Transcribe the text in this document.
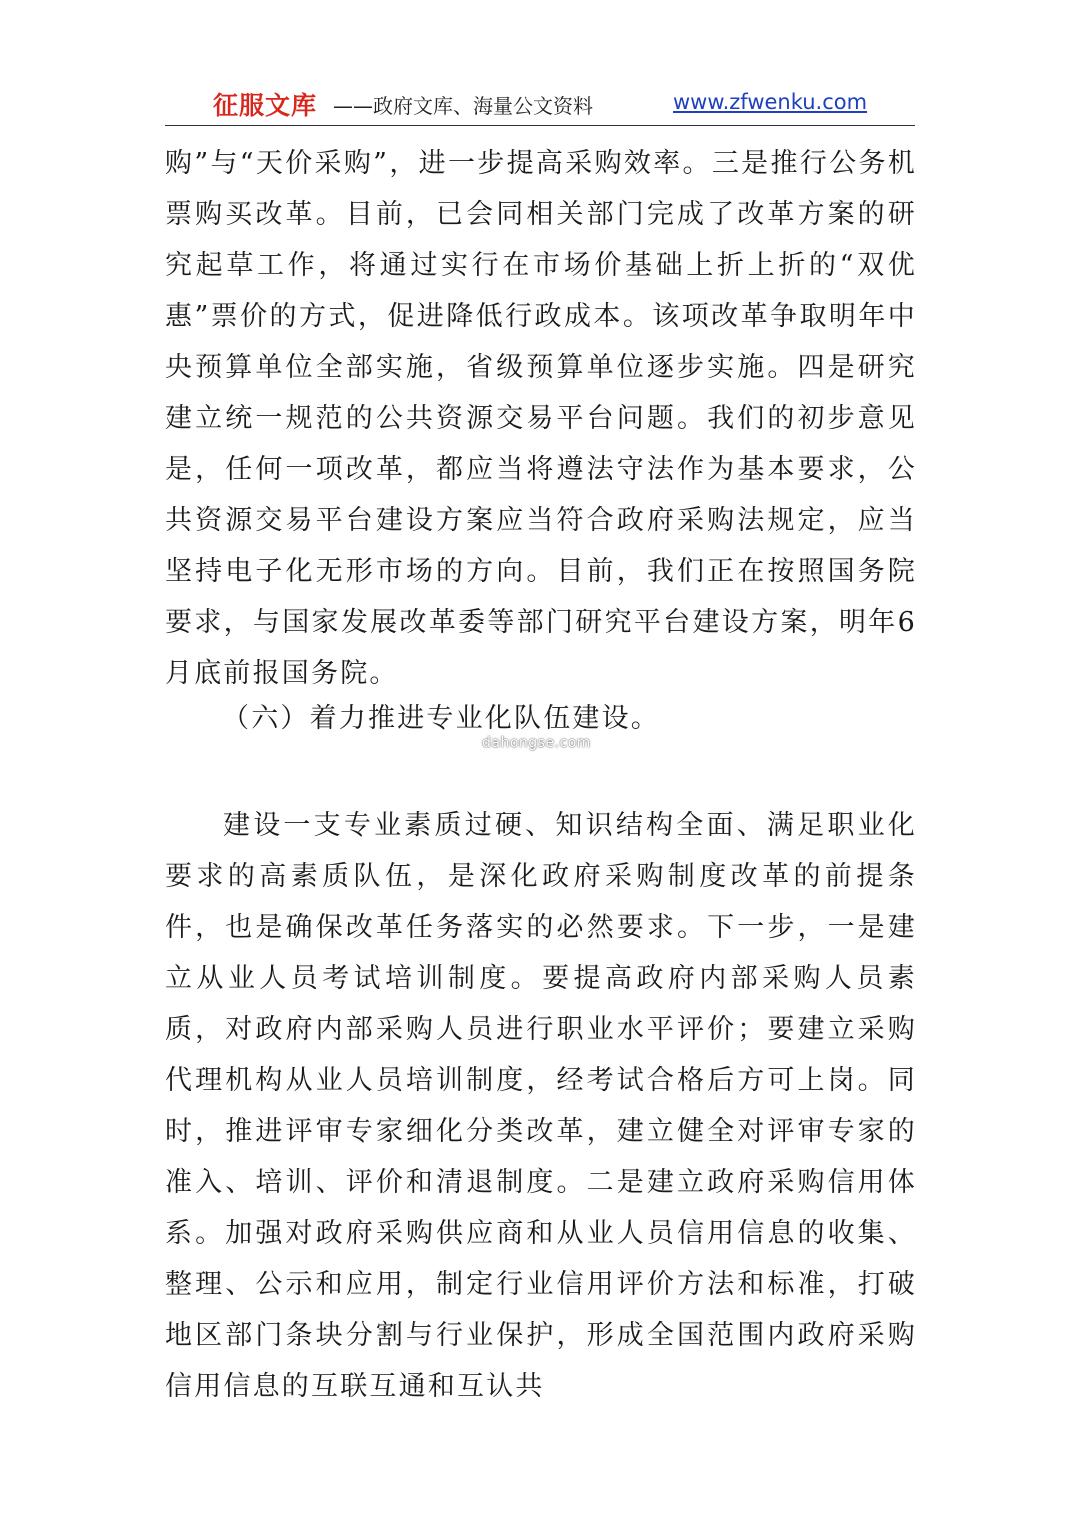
征服文库 ——政府文库、海量公文资料	www.zfwenku.com

购”与“天价采购”，进一步提高采购效率。三是推行公务机票购买改革。目前，已会同相关部门完成了改革方案的研究起草工作，将通过实行在市场价基础上折上折的“双优惠”票价的方式，促进降低行政成本。该项改革争取明年中央预算单位全部实施，省级预算单位逐步实施。四是研究建立统一规范的公共资源交易平台问题。我们的初步意见是，任何一项改革，都应当将遵法守法作为基本要求，公共资源交易平台建设方案应当符合政府采购法规定，应当坚持电子化无形市场的方向。目前，我们正在按照国务院要求，与国家发展改革委等部门研究平台建设方案，明年6月底前报国务院。

（六）着力推进专业化队伍建设。

dahongse.com

建设一支专业素质过硬、知识结构全面、满足职业化要求的高素质队伍，是深化政府采购制度改革的前提条件，也是确保改革任务落实的必然要求。下一步，一是建立从业人员考试培训制度。要提高政府内部采购人员素质，对政府内部采购人员进行职业水平评价；要建立采购代理机构从业人员培训制度，经考试合格后方可上岗。同时，推进评审专家细化分类改革，建立健全对评审专家的准入、培训、评价和清退制度。二是建立政府采购信用体系。加强对政府采购供应商和从业人员信用信息的收集、整理、公示和应用，制定行业信用评价方法和标准，打破地区部门条块分割与行业保护，形成全国范围内政府采购信用信息的互联互通和互认共
